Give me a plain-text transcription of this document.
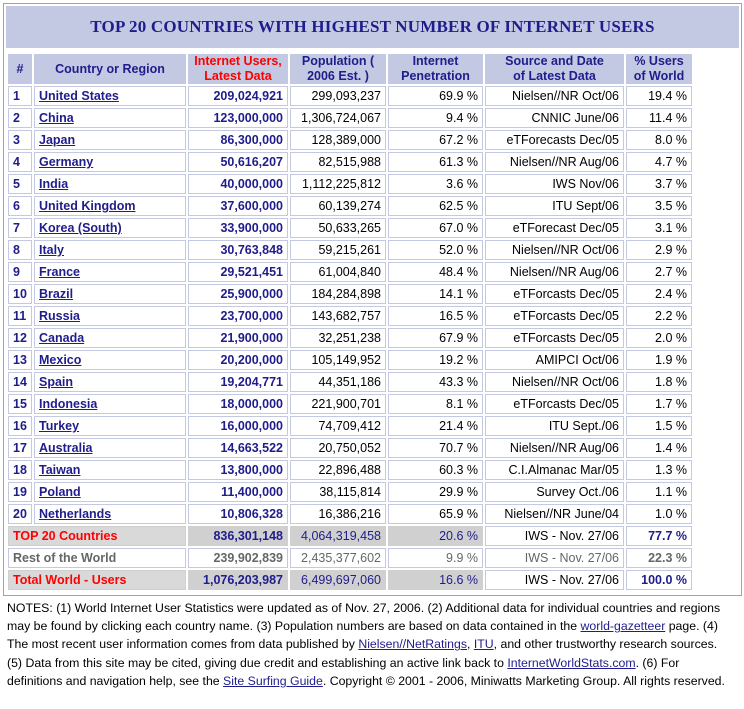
TOP 20 COUNTRIES WITH HIGHEST NUMBER OF INTERNET USERS
#	Country or Region	Internet Users, Latest Data	Population ( 2006 Est. )	Internet Penetration	Source and Date of Latest Data	% Users of World
1	United States	209,024,921	299,093,237	69.9 %	Nielsen//NR Oct/06	19.4 %
2	China	123,000,000	1,306,724,067	9.4 %	CNNIC June/06	11.4 %
3	Japan	86,300,000	128,389,000	67.2 %	eTForecasts Dec/05	8.0 %
4	Germany	50,616,207	82,515,988	61.3 %	Nielsen//NR Aug/06	4.7 %
5	India	40,000,000	1,112,225,812	3.6 %	IWS Nov/06	3.7 %
6	United Kingdom	37,600,000	60,139,274	62.5 %	ITU Sept/06	3.5 %
7	Korea (South)	33,900,000	50,633,265	67.0 %	eTForecast Dec/05	3.1 %
8	Italy	30,763,848	59,215,261	52.0 %	Nielsen//NR Oct/06	2.9 %
9	France	29,521,451	61,004,840	48.4 %	Nielsen//NR Aug/06	2.7 %
10	Brazil	25,900,000	184,284,898	14.1 %	eTForcasts Dec/05	2.4 %
11	Russia	23,700,000	143,682,757	16.5 %	eTForcasts Dec/05	2.2 %
12	Canada	21,900,000	32,251,238	67.9 %	eTForcasts Dec/05	2.0 %
13	Mexico	20,200,000	105,149,952	19.2 %	AMIPCI Oct/06	1.9 %
14	Spain	19,204,771	44,351,186	43.3 %	Nielsen//NR Oct/06	1.8 %
15	Indonesia	18,000,000	221,900,701	8.1 %	eTForcasts Dec/05	1.7 %
16	Turkey	16,000,000	74,709,412	21.4 %	ITU Sept./06	1.5 %
17	Australia	14,663,522	20,750,052	70.7 %	Nielsen//NR Aug/06	1.4 %
18	Taiwan	13,800,000	22,896,488	60.3 %	C.I.Almanac Mar/05	1.3 %
19	Poland	11,400,000	38,115,814	29.9 %	Survey Oct./06	1.1 %
20	Netherlands	10,806,328	16,386,216	65.9 %	Nielsen//NR June/04	1.0 %
TOP 20 Countries		836,301,148	4,064,319,458	20.6 %	IWS - Nov. 27/06	77.7 %
Rest of the World		239,902,839	2,435,377,602	9.9 %	IWS - Nov. 27/06	22.3 %
Total World - Users		1,076,203,987	6,499,697,060	16.6 %	IWS - Nov. 27/06	100.0 %
NOTES: (1) World Internet User Statistics were updated as of Nov. 27, 2006. (2) Additional data for individual countries and regions may be found by clicking each country name. (3) Population numbers are based on data contained in the world-gazetteer page. (4) The most recent user information comes from data published by Nielsen//NetRatings, ITU, and other trustworthy research sources. (5) Data from this site may be cited, giving due credit and establishing an active link back to InternetWorldStats.com. (6) For definitions and navigation help, see the Site Surfing Guide. Copyright © 2001 - 2006, Miniwatts Marketing Group. All rights reserved.
